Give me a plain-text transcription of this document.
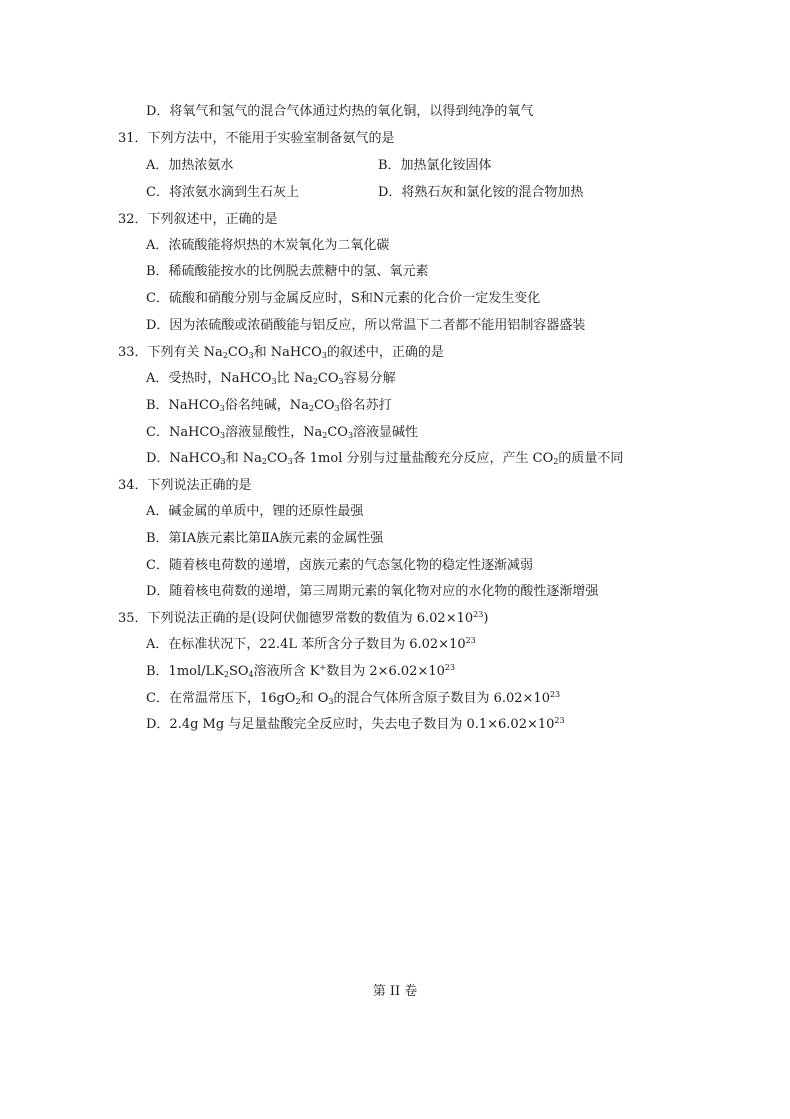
D．将氧气和氢气的混合气体通过灼热的氧化铜，以得到纯净的氧气
31．下列方法中，不能用于实验室制备氨气的是
A．加热浓氨水	B．加热氯化铵固体
C．将浓氨水滴到生石灰上	D．将熟石灰和氯化铵的混合物加热
32．下列叙述中，正确的是
A．浓硫酸能将炽热的木炭氧化为二氧化碳
B．稀硫酸能按水的比例脱去蔗糖中的氢、氧元素
C．硫酸和硝酸分别与金属反应时，S和N元素的化合价一定发生变化
D．因为浓硫酸或浓硝酸能与铝反应，所以常温下二者都不能用铝制容器盛装
33．下列有关 $Na_2CO_3$和 NaHCO$_3$的叙述中，正确的是
A．受热时，NaHCO$_3$比 $Na_2CO_3$容易分解
B．NaHCO$_3$俗名纯碱，$Na_2CO_3$俗名苏打
C．NaHCO$_3$溶液显酸性，$Na_2CO_3$溶液显碱性
D．NaHCO$_3$和 $Na_2CO_3$各 1mol 分别与过量盐酸充分反应，产生 $CO_2$的质量不同
34．下列说法正确的是
A．碱金属的单质中，锂的还原性最强
B．第ⅠA族元素比第ⅡA族元素的金属性强
C．随着核电荷数的递增，卤族元素的气态氢化物的稳定性逐渐减弱
D．随着核电荷数的递增，第三周期元素的氧化物对应的水化物的酸性逐渐增强
35．下列说法正确的是(设阿伏伽德罗常数的数值为 $6.02\times 10^{23}$)
A．在标准状况下，22.4L 苯所含分子数目为 $6.02\times 10^{23}$
B．$1mol/LK_2SO_4$溶液所含 K+数目为 $2\times 6.02\times 10^{23}$
C．在常温常压下，$16gO_2$和 $O_3$的混合气体所含原子数目为 $6.02\times 10^{23}$
D．2.4g Mg 与足量盐酸完全反应时，失去电子数目为 $0.1\times 6.02\times 10^{23}$
第 II 卷
